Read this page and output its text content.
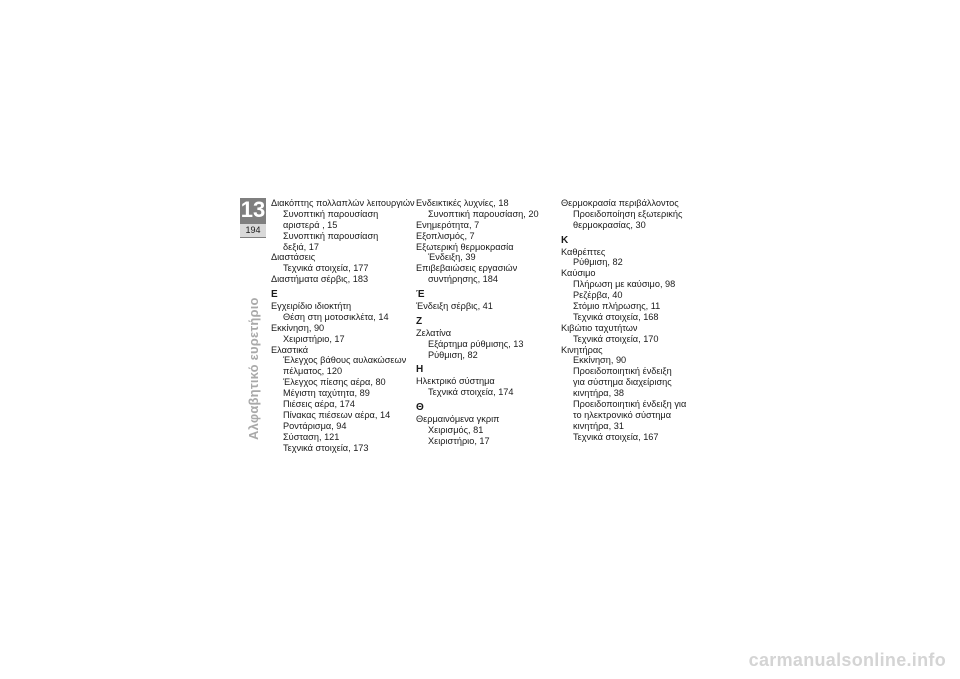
13
194
Αλφαβητικό ευρετήριο
Διακόπτης πολλαπλών λειτουργιών
Συνοπτική παρουσίαση
αριστερά , 15
Συνοπτική παρουσίαση
δεξιά, 17
Διαστάσεις
Τεχνικά στοιχεία, 177
Διαστήματα σέρβις, 183
Ε
Εγχειρίδιο ιδιοκτήτη
Θέση στη μοτοσικλέτα, 14
Εκκίνηση, 90
Χειριστήριο, 17
Ελαστικά
Έλεγχος βάθους αυλακώσεων
πέλματος, 120
Έλεγχος πίεσης αέρα, 80
Μέγιστη ταχύτητα, 89
Πιέσεις αέρα, 174
Πίνακας πιέσεων αέρα, 14
Ροντάρισμα, 94
Σύσταση, 121
Τεχνικά στοιχεία, 173
Ενδεικτικές λυχνίες, 18
Συνοπτική παρουσίαση, 20
Ενημερότητα, 7
Εξοπλισμός, 7
Εξωτερική θερμοκρασία
Ένδειξη, 39
Επιβεβαιώσεις εργασιών
συντήρησης, 184
Έ
Ένδειξη σέρβις, 41
Ζ
Ζελατίνα
Εξάρτημα ρύθμισης, 13
Ρύθμιση, 82
Η
Ηλεκτρικό σύστημα
Τεχνικά στοιχεία, 174
Θ
Θερμαινόμενα γκριπ
Χειρισμός, 81
Χειριστήριο, 17
Θερμοκρασία περιβάλλοντος
Προειδοποίηση εξωτερικής
θερμοκρασίας, 30
Κ
Καθρέπτες
Ρύθμιση, 82
Καύσιμο
Πλήρωση με καύσιμο, 98
Ρεζέρβα, 40
Στόμιο πλήρωσης, 11
Τεχνικά στοιχεία, 168
Κιβώτιο ταχυτήτων
Τεχνικά στοιχεία, 170
Κινητήρας
Εκκίνηση, 90
Προειδοποιητική ένδειξη
για σύστημα διαχείρισης
κινητήρα, 38
Προειδοποιητική ένδειξη για
το ηλεκτρονικό σύστημα
κινητήρα, 31
Τεχνικά στοιχεία, 167
carmanualsonline.info
